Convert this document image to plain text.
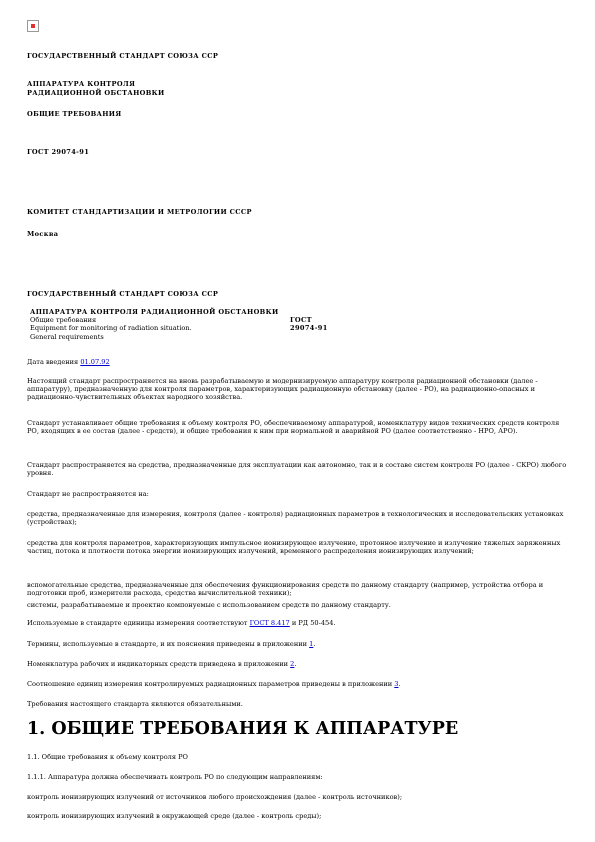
ГОСУДАРСТВЕННЫЙ СТАНДАРТ СОЮЗА ССР

АППАРАТУРА КОНТРОЛЯ

РАДИАЦИОННОЙ ОБСТАНОВКИ

ОБЩИЕ ТРЕБОВАНИЯ

ГОСТ 29074-91

КОМИТЕТ СТАНДАРТИЗАЦИИ И МЕТРОЛОГИИ СССР

Москва

ГОСУДАРСТВЕННЫЙ СТАНДАРТ СОЮЗА ССР

АППАРАТУРА КОНТРОЛЯ РАДИАЦИОННОЙ ОБСТАНОВКИ	
Общие требования	ГОСТ
Equipment for monitoring of radiation situation.	29074-91
General requirements	

Дата введения 01.07.92

Настоящий стандарт распространяется на вновь разрабатываемую и модернизируемую аппаратуру контроля радиационной обстановки (далее - аппаратуру), предназначенную для контроля параметров, характеризующих радиационную обстановку (далее - РО), на радиационно-опасных и радиационно-чувствительных объектах народного хозяйства.

Стандарт устанавливает общие требования к объему контроля РО, обеспечиваемому аппаратурой, номенклатуру видов технических средств контроля РО, входящих в ее состав (далее - средств), и общие требования к ним при нормальной и аварийной РО (далее соответственно - НРО, АРО).

Стандарт распространяется на средства, предназначенные для эксплуатации как автономно, так и в составе систем контроля РО (далее - СКРО) любого уровня.

Стандарт не распространяется на:

средства, предназначенные для измерения, контроля (далее - контроля) радиационных параметров в технологических и исследовательских установках (устройствах);

средства для контроля параметров, характеризующих импульсное ионизирующее излучение, протонное излучение и излучение тяжелых заряженных частиц, потока и плотности потока энергии ионизирующих излучений, временного распределения ионизирующих излучений;

вспомогательные средства, предназначенные для обеспечения функционирования средств по данному стандарту (например, устройства отбора и подготовки проб, измерители расхода, средства вычислительной техники);

системы, разрабатываемые и проектно компонуемые с использованием средств по данному стандарту.

Используемые в стандарте единицы измерения соответствуют ГОСТ 8.417 и РД 50-454.

Термины, используемые в стандарте, и их пояснения приведены в приложении 1.

Номенклатура рабочих и индикаторных средств приведена в приложении 2.

Соотношение единиц измерения контролируемых радиационных параметров приведены в приложении 3.

Требования настоящего стандарта являются обязательными.

1. ОБЩИЕ ТРЕБОВАНИЯ К АППАРАТУРЕ

1.1. Общие требования к объему контроля РО

1.1.1. Аппаратура должна обеспечивать контроль РО по следующим направлениям:

контроль ионизирующих излучений от источников любого происхождения (далее - контроль источников);

контроль ионизирующих излучений в окружающей среде (далее - контроль среды);
